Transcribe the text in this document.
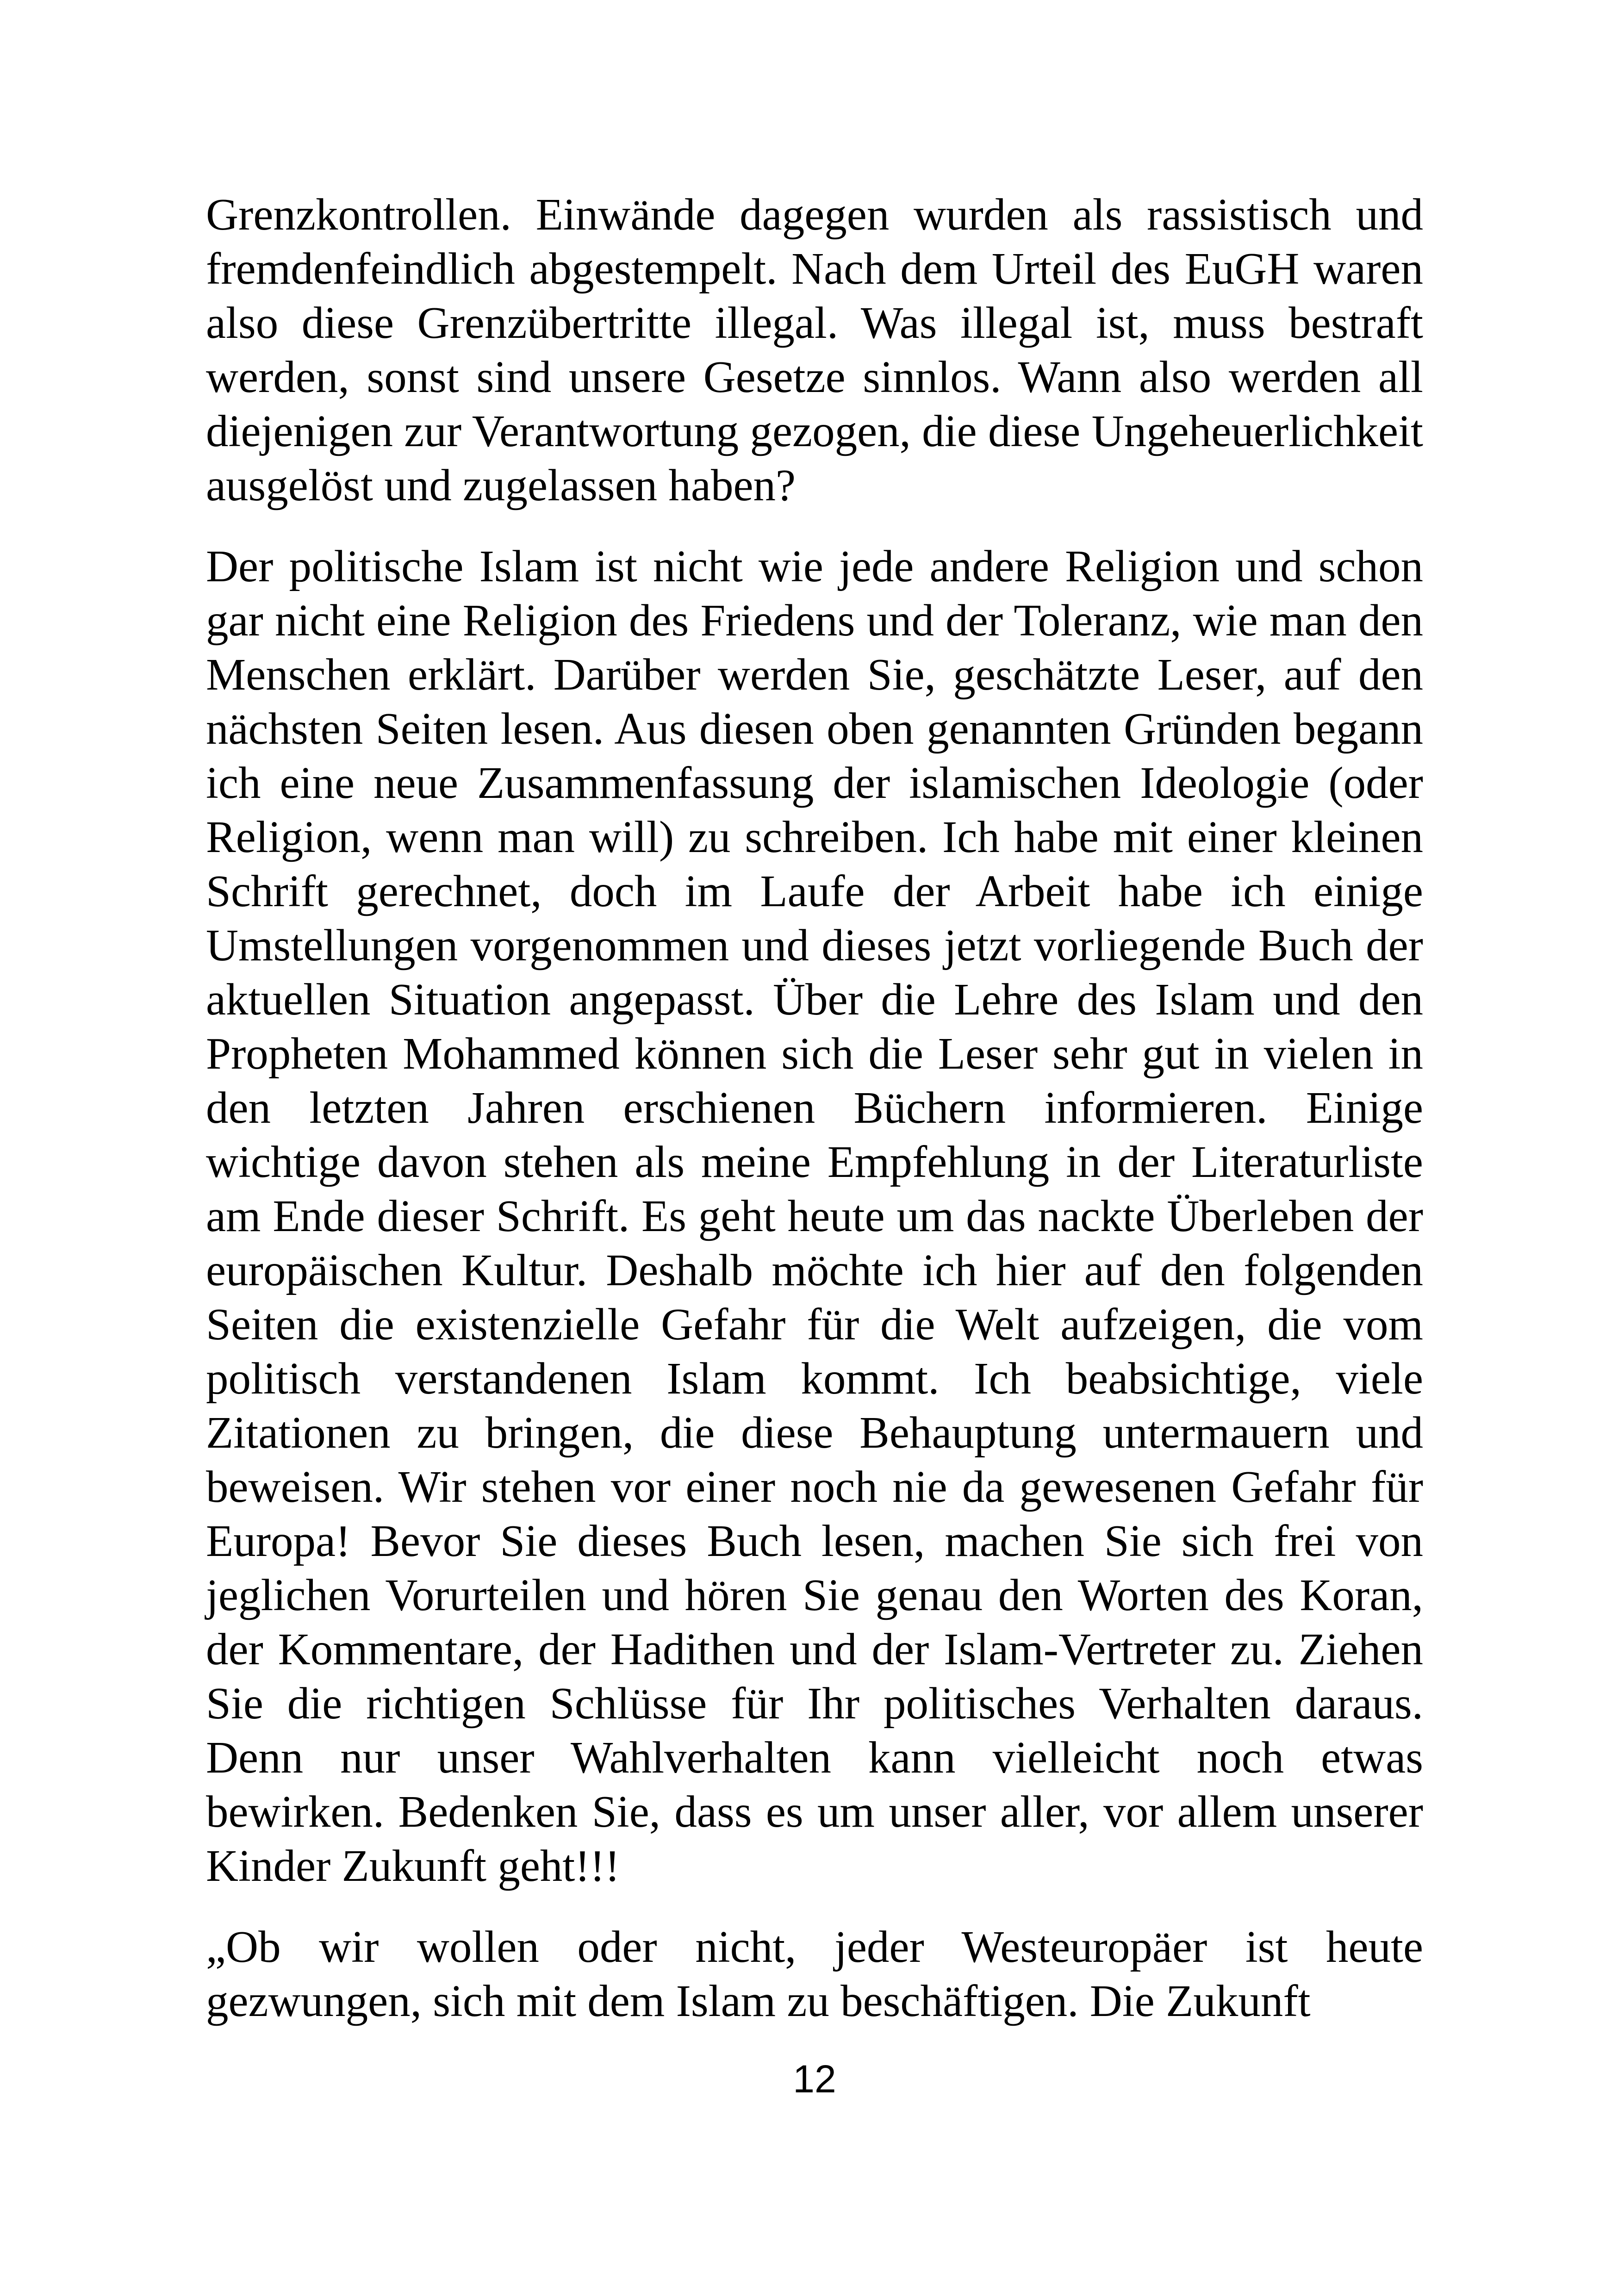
Grenzkontrollen. Einwände dagegen wurden als rassistisch und fremdenfeindlich abgestempelt. Nach dem Urteil des EuGH waren also diese Grenzübertritte illegal. Was illegal ist, muss bestraft werden, sonst sind unsere Gesetze sinnlos. Wann also werden all diejenigen zur Verantwortung gezogen, die diese Ungeheuerlichkeit ausgelöst und zugelassen haben?

Der politische Islam ist nicht wie jede andere Religion und schon gar nicht eine Religion des Friedens und der Toleranz, wie man den Menschen erklärt. Darüber werden Sie, geschätzte Leser, auf den nächsten Seiten lesen. Aus diesen oben genannten Gründen begann ich eine neue Zusammenfassung der islamischen Ideologie (oder Religion, wenn man will) zu schreiben. Ich habe mit einer kleinen Schrift gerechnet, doch im Laufe der Arbeit habe ich einige Umstellungen vorgenommen und dieses jetzt vorliegende Buch der aktuellen Situation angepasst. Über die Lehre des Islam und den Propheten Mohammed können sich die Leser sehr gut in vielen in den letzten Jahren erschienen Büchern informieren. Einige wichtige davon stehen als meine Empfehlung in der Literaturliste am Ende dieser Schrift. Es geht heute um das nackte Überleben der europäischen Kultur. Deshalb möchte ich hier auf den folgenden Seiten die existenzielle Gefahr für die Welt aufzeigen, die vom politisch verstandenen Islam kommt. Ich beabsichtige, viele Zitationen zu bringen, die diese Behauptung untermauern und beweisen. Wir stehen vor einer noch nie da gewesenen Gefahr für Europa! Bevor Sie dieses Buch lesen, machen Sie sich frei von jeglichen Vorurteilen und hören Sie genau den Worten des Koran, der Kommentare, der Hadithen und der Islam-Vertreter zu. Ziehen Sie die richtigen Schlüsse für Ihr politisches Verhalten daraus. Denn nur unser Wahlverhalten kann vielleicht noch etwas bewirken. Bedenken Sie, dass es um unser aller, vor allem unserer Kinder Zukunft geht!!!

„Ob wir wollen oder nicht, jeder Westeuropäer ist heute gezwungen, sich mit dem Islam zu beschäftigen. Die Zukunft

12
